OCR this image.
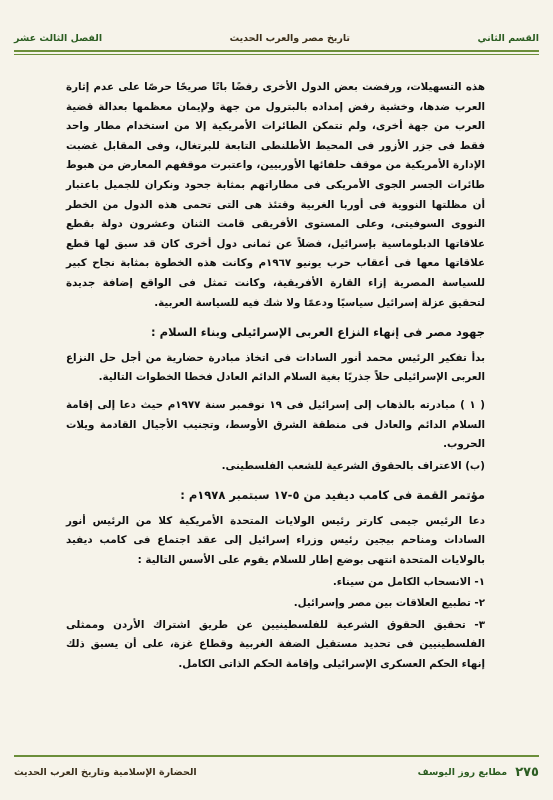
القسم الثاني
تاريخ مصر والعرب الحديث
الفصل الثالث عشر

هذه التسهيلات، ورفضت بعض الدول الأخرى رفضًا باتًا صريحًا حرصًا على عدم إثارة العرب ضدها، وخشية رفض إمداده بالبترول من جهة ولإيمان معظمها بعدالة قضية العرب من جهة أخرى، ولم تتمكن الطائرات الأمريكية إلا من استخدام مطار واحد فقط فى جزر الأزور فى المحيط الأطلنطى التابعة للبرتغال، وفى المقابل غضبت الإدارة الأمريكية من موقف حلفائها الأوربيين، واعتبرت موقفهم المعارض من هبوط طائرات الجسر الجوى الأمريكى فى مطاراتهم بمثابة جحود ونكران للجميل باعتبار أن مظلتها النووية فى أوربا الغربية وقتئذ هى التى تحمى هذه الدول من الخطر النووى السوفيتى، وعلى المستوى الأفريقى قامت الثنان وعشرون دولة بقطع علاقاتها الدبلوماسية بإسرائيل، فضلاً عن ثمانى دول أخرى كان قد سبق لها قطع علاقاتها معها فى أعقاب حرب يونيو ١٩٦٧م وكانت هذه الخطوة بمثابة نجاح كبير للسياسة المصرية إزاء القارة الأفريقية، وكانت تمثل فى الواقع إضافة جديدة لتحقيق عزلة إسرائيل سياسيًا ودعمًا ولا شك فيه للسياسة العربية.

جهود مصر فى إنهاء النزاع العربى الإسرائيلى وبناء السلام :

بدأ تفكير الرئيس محمد أنور السادات فى اتخاذ مبادرة حضارية من أجل حل النزاع العربى الإسرائيلى حلاً جذريًا بغية السلام الدائم العادل فخطا الخطوات التالية.

( ١ ) مبادرته بالذهاب إلى إسرائيل فى ١٩ نوفمبر سنة ١٩٧٧م حيث دعا إلى إقامة السلام الدائم والعادل فى منطقة الشرق الأوسط، وتجنيب الأجيال القادمة ويلات الحروب.

(ب) الاعتراف بالحقوق الشرعية للشعب الفلسطينى.

مؤتمر القمة فى كامب ديفيد من ٥-١٧ سبتمبر ١٩٧٨م :

دعا الرئيس جيمى كارتر رئيس الولايات المتحدة الأمريكية كلا من الرئيس أنور السادات ومناحم بيجين رئيس وزراء إسرائيل إلى عقد اجتماع فى كامب ديفيد بالولايات المتحدة انتهى بوضع إطار للسلام يقوم على الأسس التالية :

١- الانسحاب الكامل من سيناء.

٢- تطبيع العلاقات بين مصر وإسرائيل.

٣- تحقيق الحقوق الشرعية للفلسطينيين عن طريق اشتراك الأردن وممثلى الفلسطينيين فى تحديد مستقبل الضفة الغربية وقطاع غزة، على أن يسبق ذلك إنهاء الحكم العسكرى الإسرائيلى وإقامة الحكم الذاتى الكامل.

٢٧٥
مطابع روز اليوسف
الحضارة الإسلامية وتاريخ العرب الحديث
